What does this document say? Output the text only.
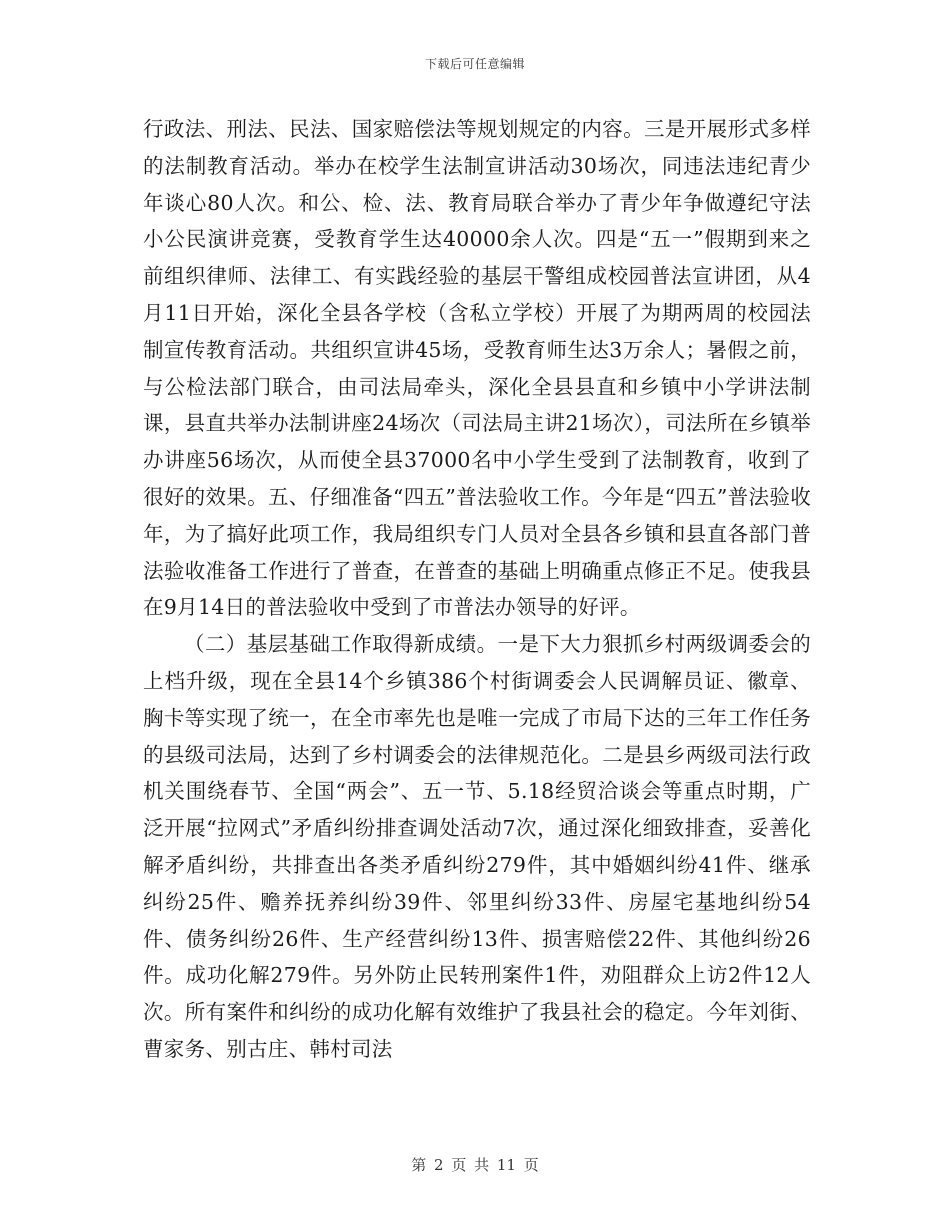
下载后可任意编辑

行政法、刑法、民法、国家赔偿法等规划规定的内容。三是开展形式多样的法制教育活动。举办在校学生法制宣讲活动30场次，同违法违纪青少年谈心80人次。和公、检、法、教育局联合举办了青少年争做遵纪守法小公民演讲竞赛，受教育学生达40000余人次。四是“五一”假期到来之前组织律师、法律工、有实践经验的基层干警组成校园普法宣讲团，从4月11日开始，深化全县各学校（含私立学校）开展了为期两周的校园法制宣传教育活动。共组织宣讲45场，受教育师生达3万余人；暑假之前，与公检法部门联合，由司法局牵头，深化全县县直和乡镇中小学讲法制课，县直共举办法制讲座24场次（司法局主讲21场次），司法所在乡镇举办讲座56场次，从而使全县37000名中小学生受到了法制教育，收到了很好的效果。五、仔细准备“四五”普法验收工作。今年是“四五”普法验收年，为了搞好此项工作，我局组织专门人员对全县各乡镇和县直各部门普法验收准备工作进行了普查，在普查的基础上明确重点修正不足。使我县在9月14日的普法验收中受到了市普法办领导的好评。

（二）基层基础工作取得新成绩。一是下大力狠抓乡村两级调委会的上档升级，现在全县14个乡镇386个村街调委会人民调解员证、徽章、胸卡等实现了统一，在全市率先也是唯一完成了市局下达的三年工作任务的县级司法局，达到了乡村调委会的法律规范化。二是县乡两级司法行政机关围绕春节、全国“两会”、五一节、5.18经贸洽谈会等重点时期，广泛开展“拉网式”矛盾纠纷排查调处活动7次，通过深化细致排查，妥善化解矛盾纠纷，共排查出各类矛盾纠纷279件，其中婚姻纠纷41件、继承纠纷25件、赡养抚养纠纷39件、邻里纠纷33件、房屋宅基地纠纷54件、债务纠纷26件、生产经营纠纷13件、损害赔偿22件、其他纠纷26件。成功化解279件。另外防止民转刑案件1件，劝阻群众上访2件12人次。所有案件和纠纷的成功化解有效维护了我县社会的稳定。今年刘街、曹家务、别古庄、韩村司法

第 2 页 共 11 页
